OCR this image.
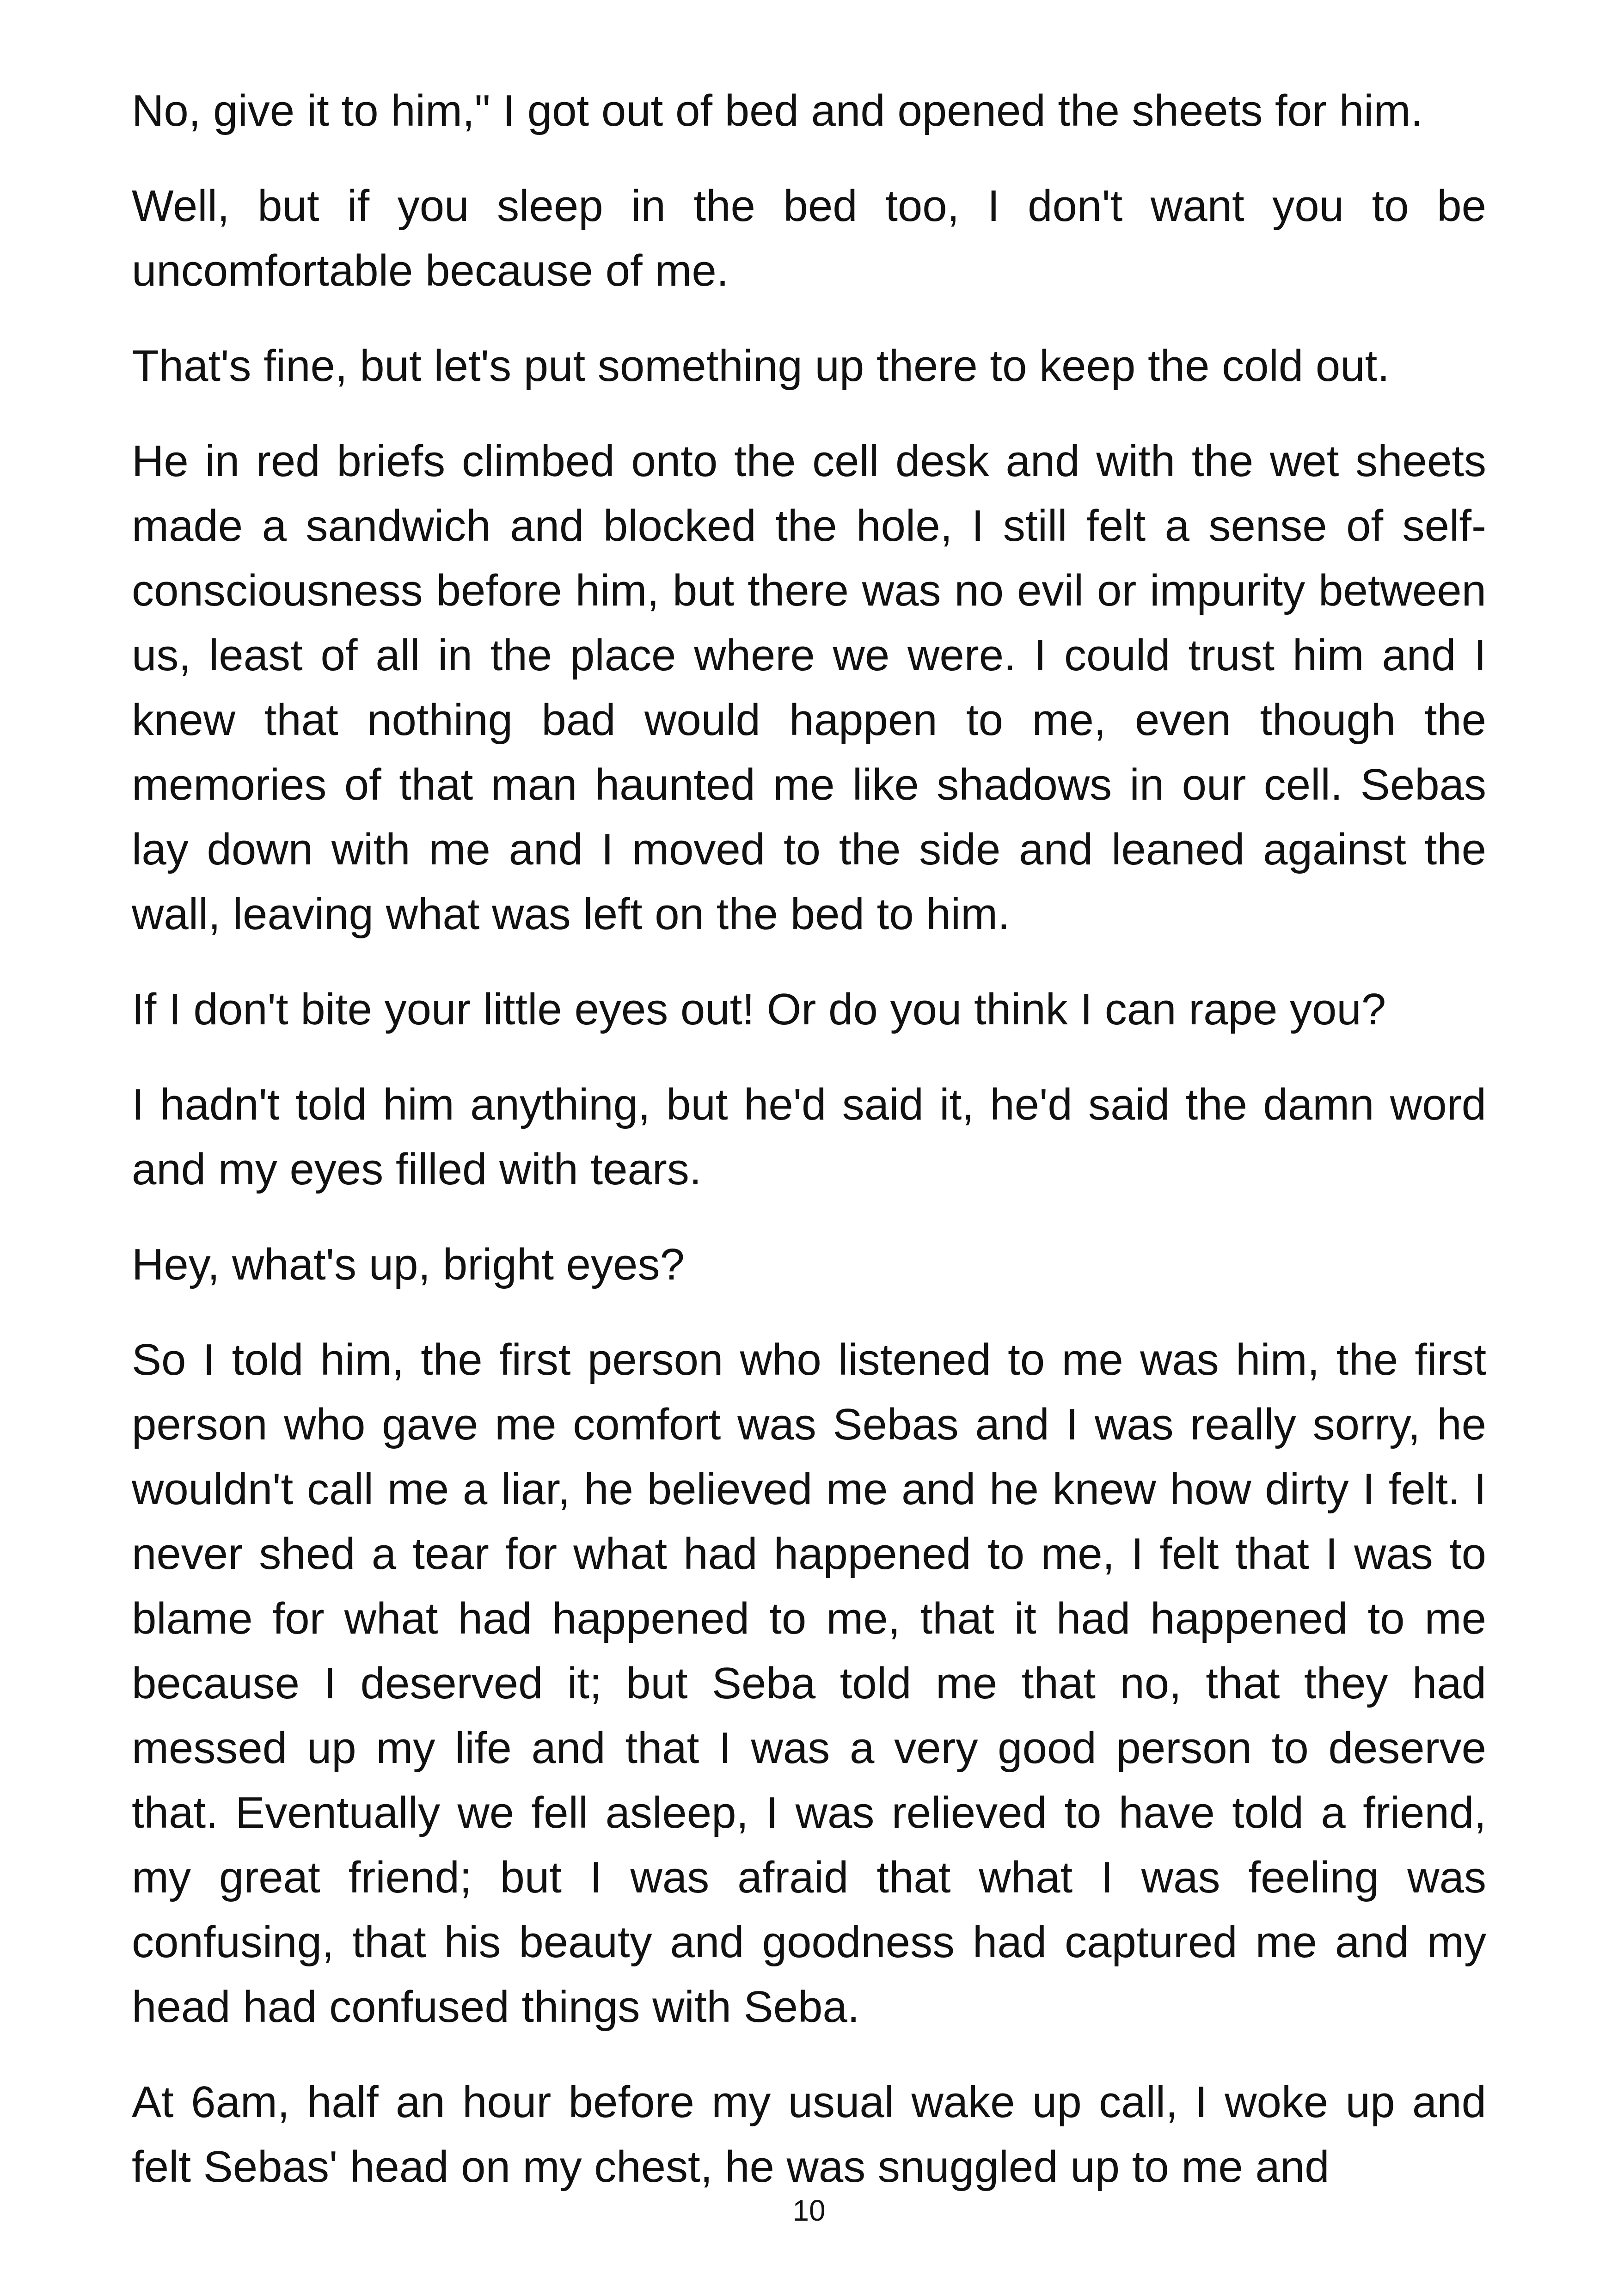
No, give it to him," I got out of bed and opened the sheets for him.

Well, but if you sleep in the bed too, I don't want you to be uncomfortable because of me.

That's fine, but let's put something up there to keep the cold out.

He in red briefs climbed onto the cell desk and with the wet sheets made a sandwich and blocked the hole, I still felt a sense of self-consciousness before him, but there was no evil or impurity between us, least of all in the place where we were. I could trust him and I knew that nothing bad would happen to me, even though the memories of that man haunted me like shadows in our cell. Sebas lay down with me and I moved to the side and leaned against the wall, leaving what was left on the bed to him.

If I don't bite your little eyes out! Or do you think I can rape you?

I hadn't told him anything, but he'd said it, he'd said the damn word and my eyes filled with tears.

Hey, what's up, bright eyes?

So I told him, the first person who listened to me was him, the first person who gave me comfort was Sebas and I was really sorry, he wouldn't call me a liar, he believed me and he knew how dirty I felt. I never shed a tear for what had happened to me, I felt that I was to blame for what had happened to me, that it had happened to me because I deserved it; but Seba told me that no, that they had messed up my life and that I was a very good person to deserve that. Eventually we fell asleep, I was relieved to have told a friend, my great friend; but I was afraid that what I was feeling was confusing, that his beauty and goodness had captured me and my head had confused things with Seba.

At 6am, half an hour before my usual wake up call, I woke up and felt Sebas' head on my chest, he was snuggled up to me and

10
